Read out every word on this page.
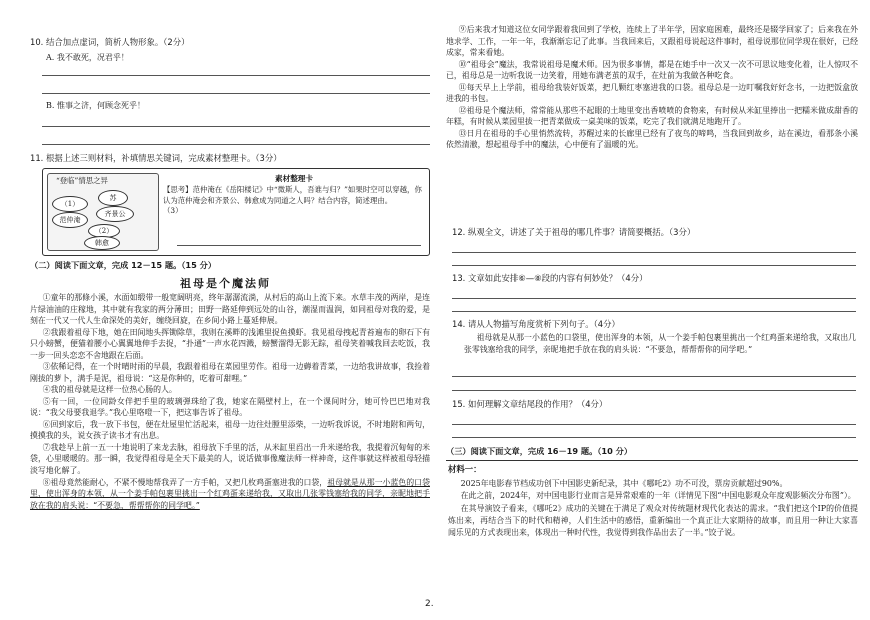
10. 结合加点虚词，简析人物形象。（2分）
A. 我不敢死，况君乎！
B. 惟事之济，何顾念死乎！
11. 根据上述三则材料，补填情思关键词，完成素材整理卡。（3分）
“登临”情思之异
（1）
范仲淹
苏
齐景公
（2）
韩愈
素材整理卡
【思考】范仲淹在《岳阳楼记》中“微斯人，吾谁与归？”如果时空可以穿越，你认为范仲淹会和齐景公、韩愈成为同道之人吗？结合内容，简述理由。
（3）
（二）阅读下面文章，完成 12－15 题。（15 分）
祖母是个魔法师

①童年的那條小溪，水面如缎带一般宽阔明亮，终年潺潺流淌，从村后的高山上流下来。水草丰茂的两岸，是连片绿油油的庄稼地，其中就有我家的两分薄田；田野一路延伸到远处的山谷，潮湿而温润，如同祖母对我的爱，是刻在一代又一代人生命深处的美好，缠绕回旋，在乡间小路上蔓延伸展。

②我跟着祖母下地，她在田间地头挥锄除草，我则在溪畔的浅滩里捉鱼摸虾。我见祖母拽起青苔遍布的卵石下有只小螃蟹，便猫着腰小心翼翼地伸手去捉，“扑通”一声水花四溅，螃蟹溜得无影无踪，祖母笑着喊我回去吃饭，我一步一回头恋恋不舍地跟在后面。

③依稀记得，在一个时晴时雨的早晨，我跟着祖母在菜园里劳作。祖母一边薅着青菜，一边给我讲故事，我捡着刚拔的萝卜，满手是泥，祖母说：“这是你种的，吃着可甜哩。”

④我的祖母就是这样一位热心肠的人。

⑤有一回，一位同龄女伴把手里的玻璃弹珠给了我，她家在隔壁村上，在一个课间时分，她可怜巴巴地对我说：“我父母要我退学。”我心里咯噔一下，把这事告诉了祖母。

⑥回到家后，我一放下书包，便在灶屋里忙活起来，祖母一边往灶膛里添柴，一边听我诉说，不时地附和两句，摸摸我的头，说女孩子读书才有出息。

⑦我趁早上前一五一十地说明了来龙去脉，祖母放下手里的活，从米缸里舀出一升米递给我，我提着沉甸甸的米袋，心里暖暖的。那一瞬，我觉得祖母是全天下最美的人，说话做事像魔法师一样神奇，这件事就这样被祖母轻描淡写地化解了。

⑧祖母竟然能耐心，不紧不慢地帮我弄了一方手帕，又把几枚鸡蛋塞进我的口袋，祖母就是从那一小蓝色的口袋里，使出浑身的本领，从一个姜手帕包裹里挑出一个红鸡蛋来递给我，又取出几张零钱塞给我的同学，亲昵地把手放在我的肩头说：“不要急，帮帮帮你的同学吧。”

⑨后来我才知道这位女同学跟着我回到了学校，连续上了半年学，因家庭困难，最终还是辍学回家了；后来我在外地求学、工作，一年一年，我渐渐忘记了此事。当我回来后，又跟祖母说起这件事时，祖母说那位同学现在很好，已经成家，常来看她。

⑩“祖母会”魔法，我常说祖母是魔术师。因为很多事情，都是在她手中一次又一次不可思议地变化着，让人惊叹不已，祖母总是一边听我说一边笑着，用她布满老茧的双手，在灶前为我做各种吃食。

⑪每天早上上学前，祖母给我装好饭菜，把几颗红枣塞进我的口袋。祖母总是一边叮嘱我好好念书，一边把饭盒放进我的书包。

⑫祖母是个魔法师，常常能从那些不起眼的土地里变出香喷喷的食物来，有时候从米缸里捧出一把糯米做成甜香的年糕，有时候从菜园里拔一把青菜做成一桌美味的饭菜，吃完了我们就满足地跑开了。

⑬日月在祖母的手心里悄然流转，苏醒过来的长廊里已经有了夜鸟的啼鸣，当我回到故乡，站在溪边，看那条小溪依然清澈，想起祖母手中的魔法，心中便有了温暖的光。

12. 纵观全文，讲述了关于祖母的哪几件事？请简要概括。（3分）
13. 文章如此安排⑥—⑧段的内容有何妙处？（4分）
14. 请从人物描写角度赏析下列句子。（4分）

祖母就是从那一小蓝色的口袋里，使出浑身的本领，从一个姜手帕包裹里挑出一个红鸡蛋来递给我，又取出几张零钱塞给我的同学，亲昵地把手放在我的肩头说：“不要急，帮帮帮你的同学吧。”

15. 如何理解文章结尾段的作用？（4分）
（三）阅读下面文章，完成 16－19 题。（10 分）
材料一：

2025年电影春节档成功创下中国影史新纪录，其中《哪吒2》功不可没，票房贡献超过90%。

在此之前，2024年，对中国电影行业而言是异常艰难的一年（详情见下图“中国电影观众年度观影频次分布图”）。

在其导演饺子看来，《哪吒2》成功的关键在于满足了观众对传统题材现代化表达的需求。“我们把这个IP的价值提炼出来，再结合当下的时代和精神，人们生活中的感悟，重新编出一个真正让大家期待的故事，而且用一种让大家喜闻乐见的方式表现出来，体现出一种时代性，我觉得到我作品出去了一半。”饺子说。

2.
